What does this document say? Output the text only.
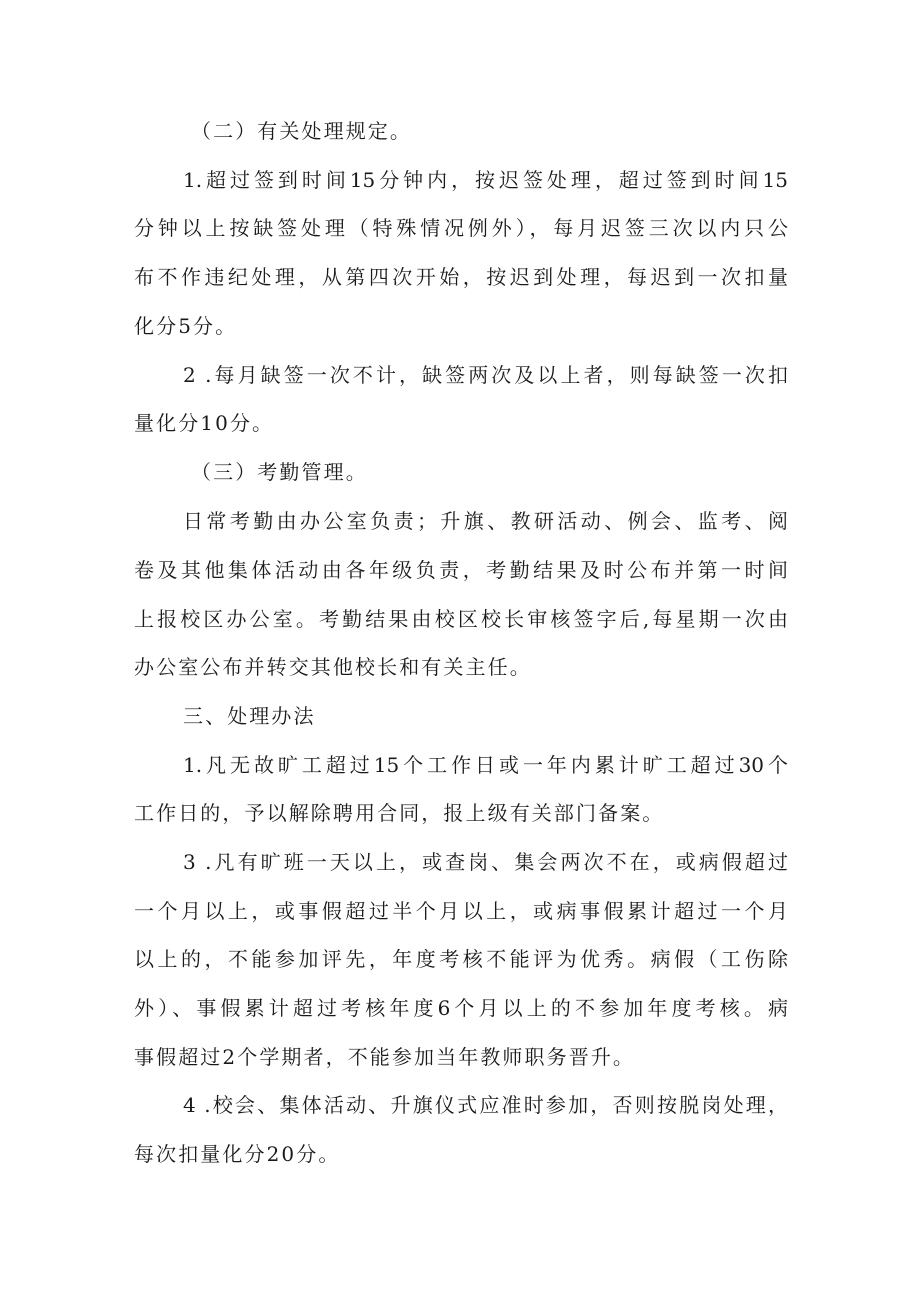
（二）有关处理规定。
1.超过签到时间15分钟内，按迟签处理，超过签到时间15
分钟以上按缺签处理（特殊情况例外），每月迟签三次以内只公
布不作违纪处理，从第四次开始，按迟到处理，每迟到一次扣量
化分5分。
2 .每月缺签一次不计，缺签两次及以上者，则每缺签一次扣
量化分10分。
（三）考勤管理。
日常考勤由办公室负责；升旗、教研活动、例会、监考、阅
卷及其他集体活动由各年级负责，考勤结果及时公布并第一时间
上报校区办公室。考勤结果由校区校长审核签字后,每星期一次由
办公室公布并转交其他校长和有关主任。
三、处理办法
1.凡无故旷工超过15个工作日或一年内累计旷工超过30个
工作日的，予以解除聘用合同，报上级有关部门备案。
3 .凡有旷班一天以上，或查岗、集会两次不在，或病假超过
一个月以上，或事假超过半个月以上，或病事假累计超过一个月
以上的，不能参加评先，年度考核不能评为优秀。病假（工伤除
外）、事假累计超过考核年度6个月以上的不参加年度考核。病
事假超过2个学期者，不能参加当年教师职务晋升。
4 .校会、集体活动、升旗仪式应准时参加，否则按脱岗处理，
每次扣量化分20分。
